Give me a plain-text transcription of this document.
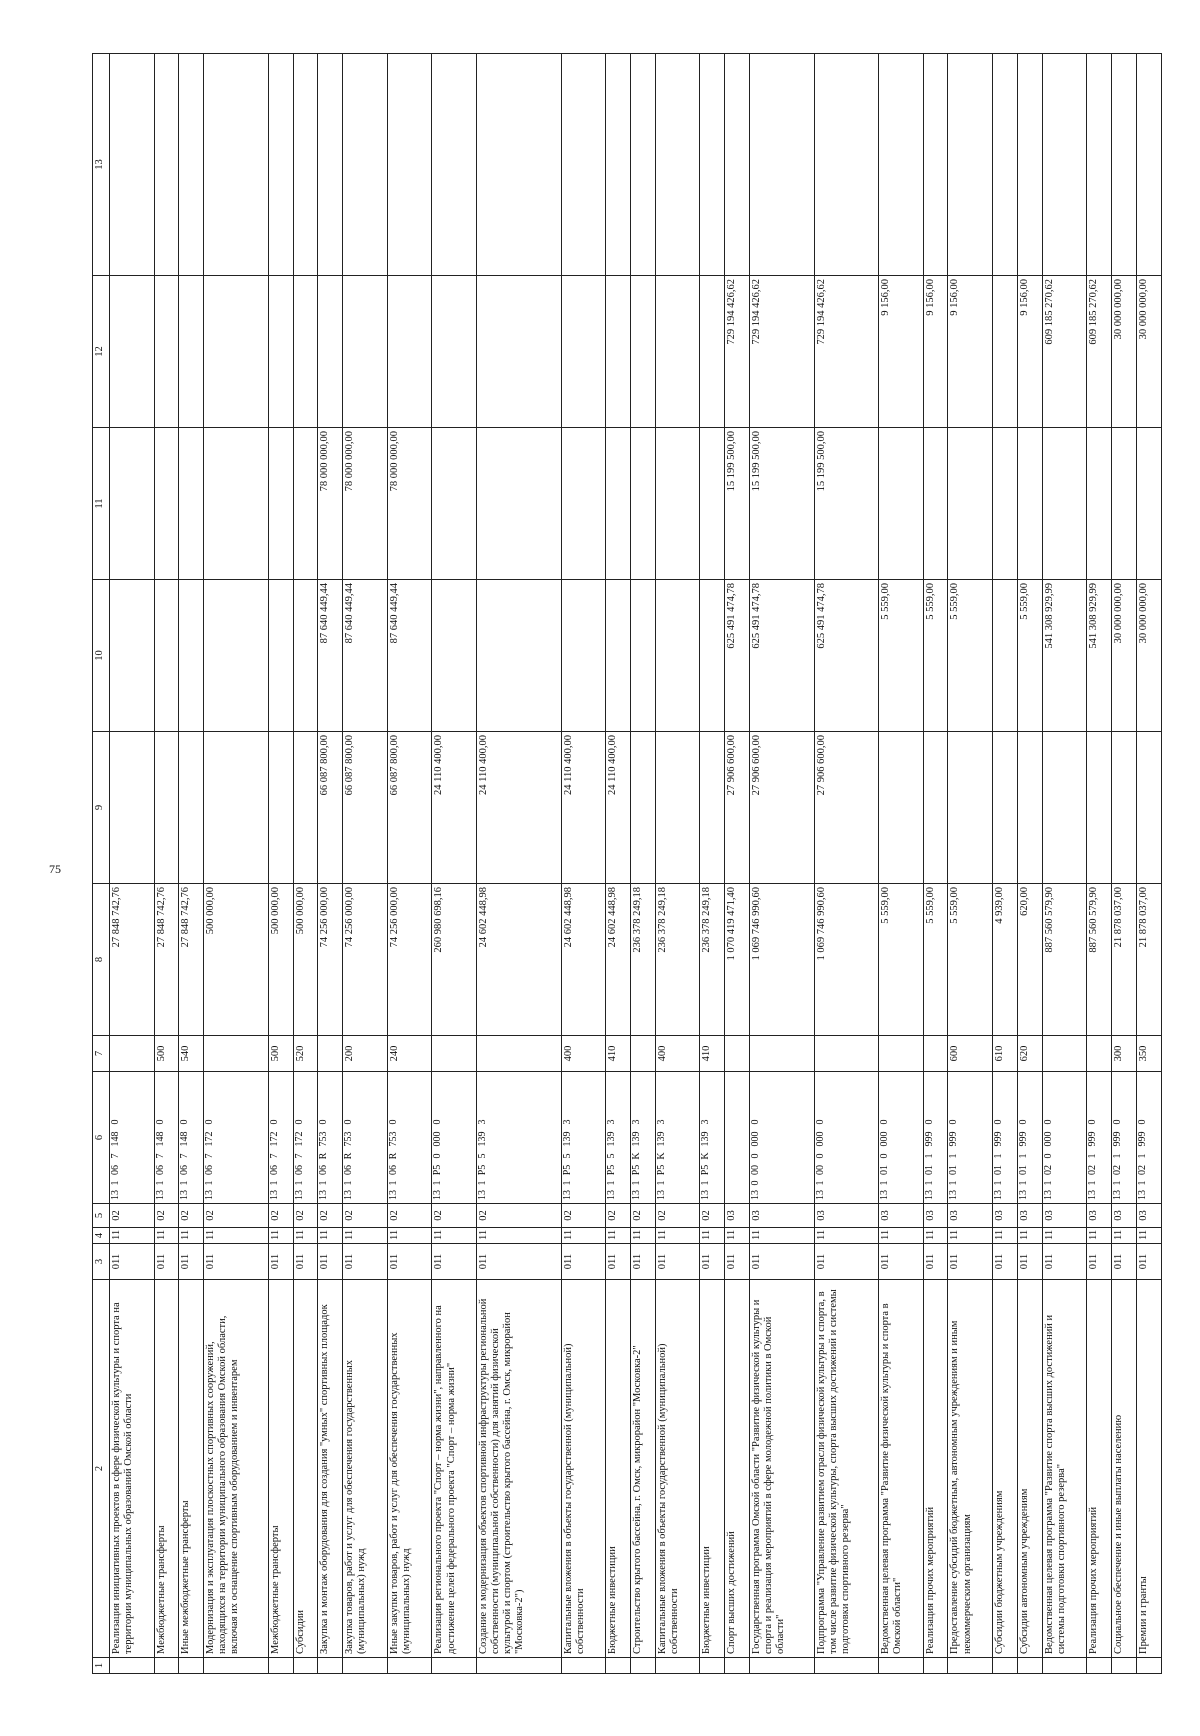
75
1	2	3	4	5	6	7	8	9	10	11	12	13
	Реализация инициативных проектов в сфере физической культуры и спорта на территории муниципальных образований Омской области	011	11	02	1310671480		27 848 742,76					
	Межбюджетные трансферты	011	11	02	1310671480	500	27 848 742,76					
	Иные межбюджетные трансферты	011	11	02	1310671480	540	27 848 742,76					
	Модернизация и эксплуатация плоскостных спортивных сооружений, находящихся на территории муниципального образования Омской области, включая их оснащение спортивным оборудованием и инвентарем	011	11	02	1310671720		500 000,00					
	Межбюджетные трансферты	011	11	02	1310671720	500	500 000,00					
	Субсидии	011	11	02	1310671720	520	500 000,00					
	Закупка и монтаж оборудования для создания "умных" спортивных площадок	011	11	02	13106R7530		74 256 000,00	66 087 800,00	87 640 449,44	78 000 000,00		
	Закупка товаров, работ и услуг для обеспечения государственных (муниципальных) нужд	011	11	02	13106R7530	200	74 256 000,00	66 087 800,00	87 640 449,44	78 000 000,00		
	Иные закупки товаров, работ и услуг для обеспечения государственных (муниципальных) нужд	011	11	02	13106R7530	240	74 256 000,00	66 087 800,00	87 640 449,44	78 000 000,00		
	Реализация регионального проекта "Спорт – норма жизни", направленного на достижение целей федерального проекта "Спорт – норма жизни"	011	11	02	131P500000		260 980 698,16	24 110 400,00				
	Создание и модернизация объектов спортивной инфраструктуры региональной собственности (муниципальной собственности) для занятий физической культурой и спортом (строительство крытого бассейна, г. Омск, микрорайон "Московка-2")	011	11	02	131P551393		24 602 448,98	24 110 400,00				
	Капитальные вложения в объекты государственной (муниципальной) собственности	011	11	02	131P551393	400	24 602 448,98	24 110 400,00				
	Бюджетные инвестиции	011	11	02	131P551393	410	24 602 448,98	24 110 400,00				
	Строительство крытого бассейна, г. Омск, микрорайон "Московка-2"	011	11	02	131P5K1393		236 378 249,18					
	Капитальные вложения в объекты государственной (муниципальной) собственности	011	11	02	131P5K1393	400	236 378 249,18					
	Бюджетные инвестиции	011	11	02	131P5K1393	410	236 378 249,18					
	Спорт высших достижений	011	11	03			1 070 419 471,40	27 906 600,00	625 491 474,78	15 199 500,00	729 194 426,62	
	Государственная программа Омской области "Развитие физической культуры и спорта и реализация мероприятий в сфере молодежной политики в Омской области"	011	11	03	1300000000		1 069 746 990,60	27 906 600,00	625 491 474,78	15 199 500,00	729 194 426,62	
	Подпрограмма "Управление развитием отрасли физической культуры и спорта, в том числе развитие физической культуры, спорта высших достижений и системы подготовки спортивного резерва"	011	11	03	1310000000		1 069 746 990,60	27 906 600,00	625 491 474,78	15 199 500,00	729 194 426,62	
	Ведомственная целевая программа "Развитие физической культуры и спорта в Омской области"	011	11	03	1310100000		5 559,00		5 559,00		9 156,00	
	Реализация прочих мероприятий	011	11	03	1310119990		5 559,00		5 559,00		9 156,00	
	Предоставление субсидий бюджетным, автономным учреждениям и иным некоммерческим организациям	011	11	03	1310119990	600	5 559,00		5 559,00		9 156,00	
	Субсидии бюджетным учреждениям	011	11	03	1310119990	610	4 939,00					
	Субсидии автономным учреждениям	011	11	03	1310119990	620	620,00		5 559,00		9 156,00	
	Ведомственная целевая программа "Развитие спорта высших достижений и системы подготовки спортивного резерва"	011	11	03	1310200000		887 560 579,90		541 308 929,99		609 185 270,62	
	Реализация прочих мероприятий	011	11	03	1310219990		887 560 579,90		541 308 929,99		609 185 270,62	
	Социальное обеспечение и иные выплаты населению	011	11	03	1310219990	300	21 878 037,00		30 000 000,00		30 000 000,00	
	Премии и гранты	011	11	03	1310219990	350	21 878 037,00		30 000 000,00		30 000 000,00	
